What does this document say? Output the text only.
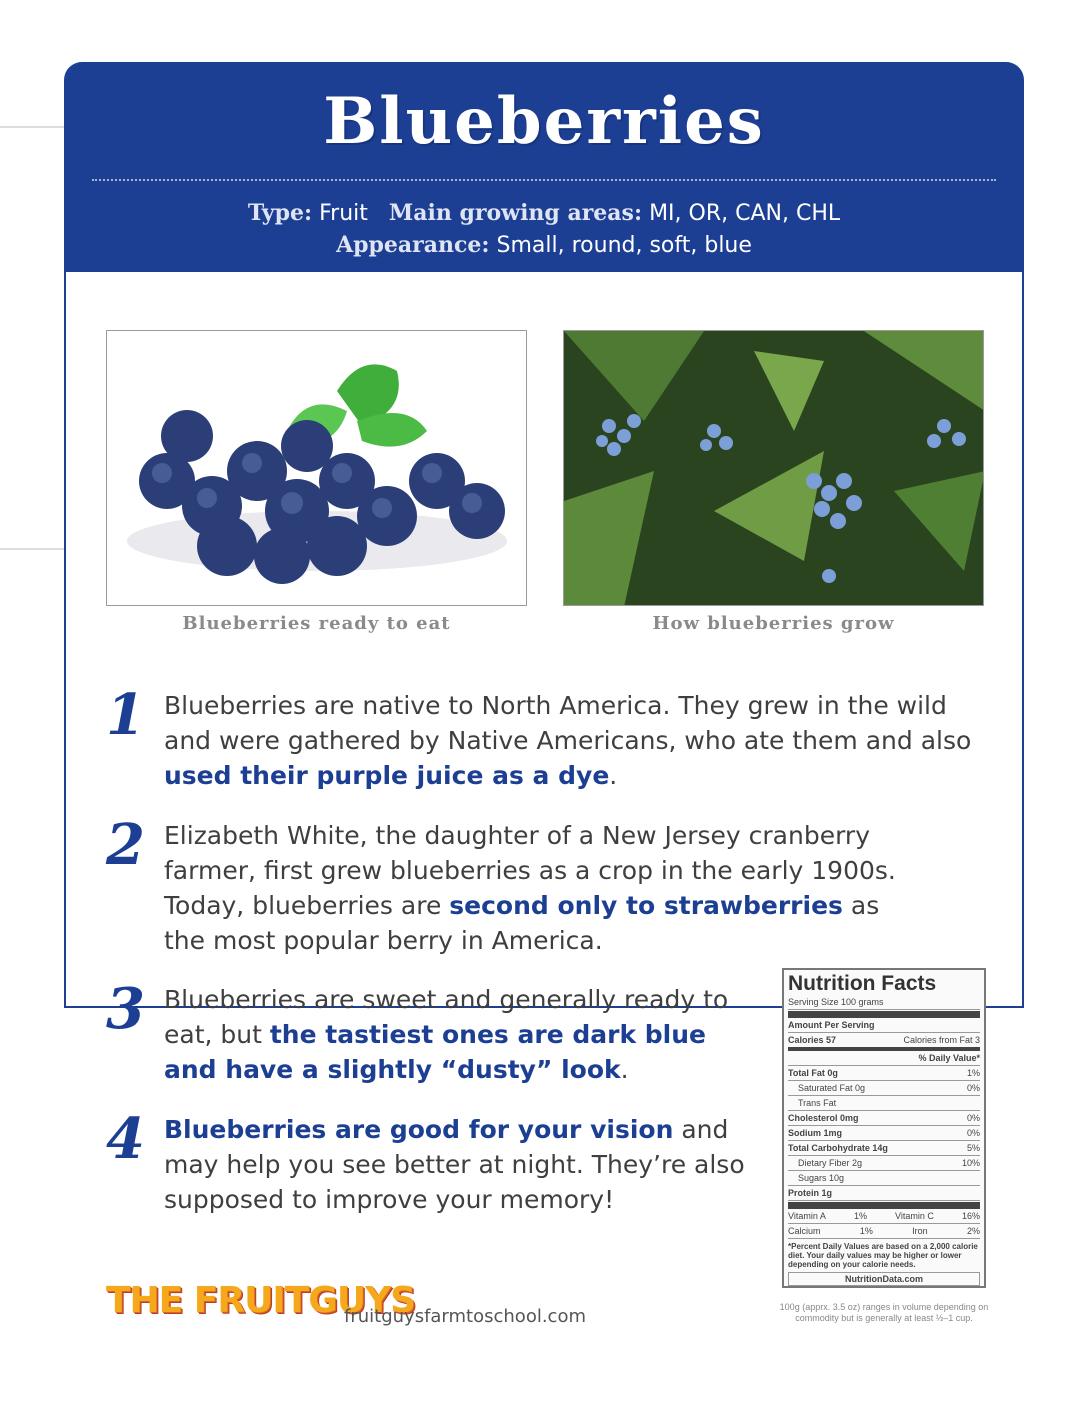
Blueberries
Type: Fruit Main growing areas: MI, OR, CAN, CHL
Appearance: Small, round, soft, blue
Blueberries ready to eat	How blueberries grow
1 Blueberries are native to North America. They grew in the wild and were gathered by Native Americans, who ate them and also used their purple juice as a dye.
2 Elizabeth White, the daughter of a New Jersey cranberry farmer, first grew blueberries as a crop in the early 1900s. Today, blueberries are second only to strawberries as the most popular berry in America.
3 Blueberries are sweet and generally ready to eat, but the tastiest ones are dark blue and have a slightly “dusty” look.
4 Blueberries are good for your vision and may help you see better at night. They’re also supposed to improve your memory!
Nutrition Facts
Serving Size 100 grams
Amount Per Serving
Calories 57	Calories from Fat 3
% Daily Value*
Total Fat 0g	1%
Saturated Fat 0g	0%
Trans Fat
Cholesterol 0mg	0%
Sodium 1mg	0%
Total Carbohydrate 14g	5%
Dietary Fiber 2g	10%
Sugars 10g
Protein 1g
Vitamin A	1%	Vitamin C	16%
Calcium	1%	Iron	2%
*Percent Daily Values are based on a 2,000 calorie diet. Your daily values may be higher or lower depending on your calorie needs.
NutritionData.com
100g (apprx. 3.5 oz) ranges in volume depending on commodity but is generally at least ½–1 cup.
THE FRUITGUYS
fruitguysfarmtoschool.com
